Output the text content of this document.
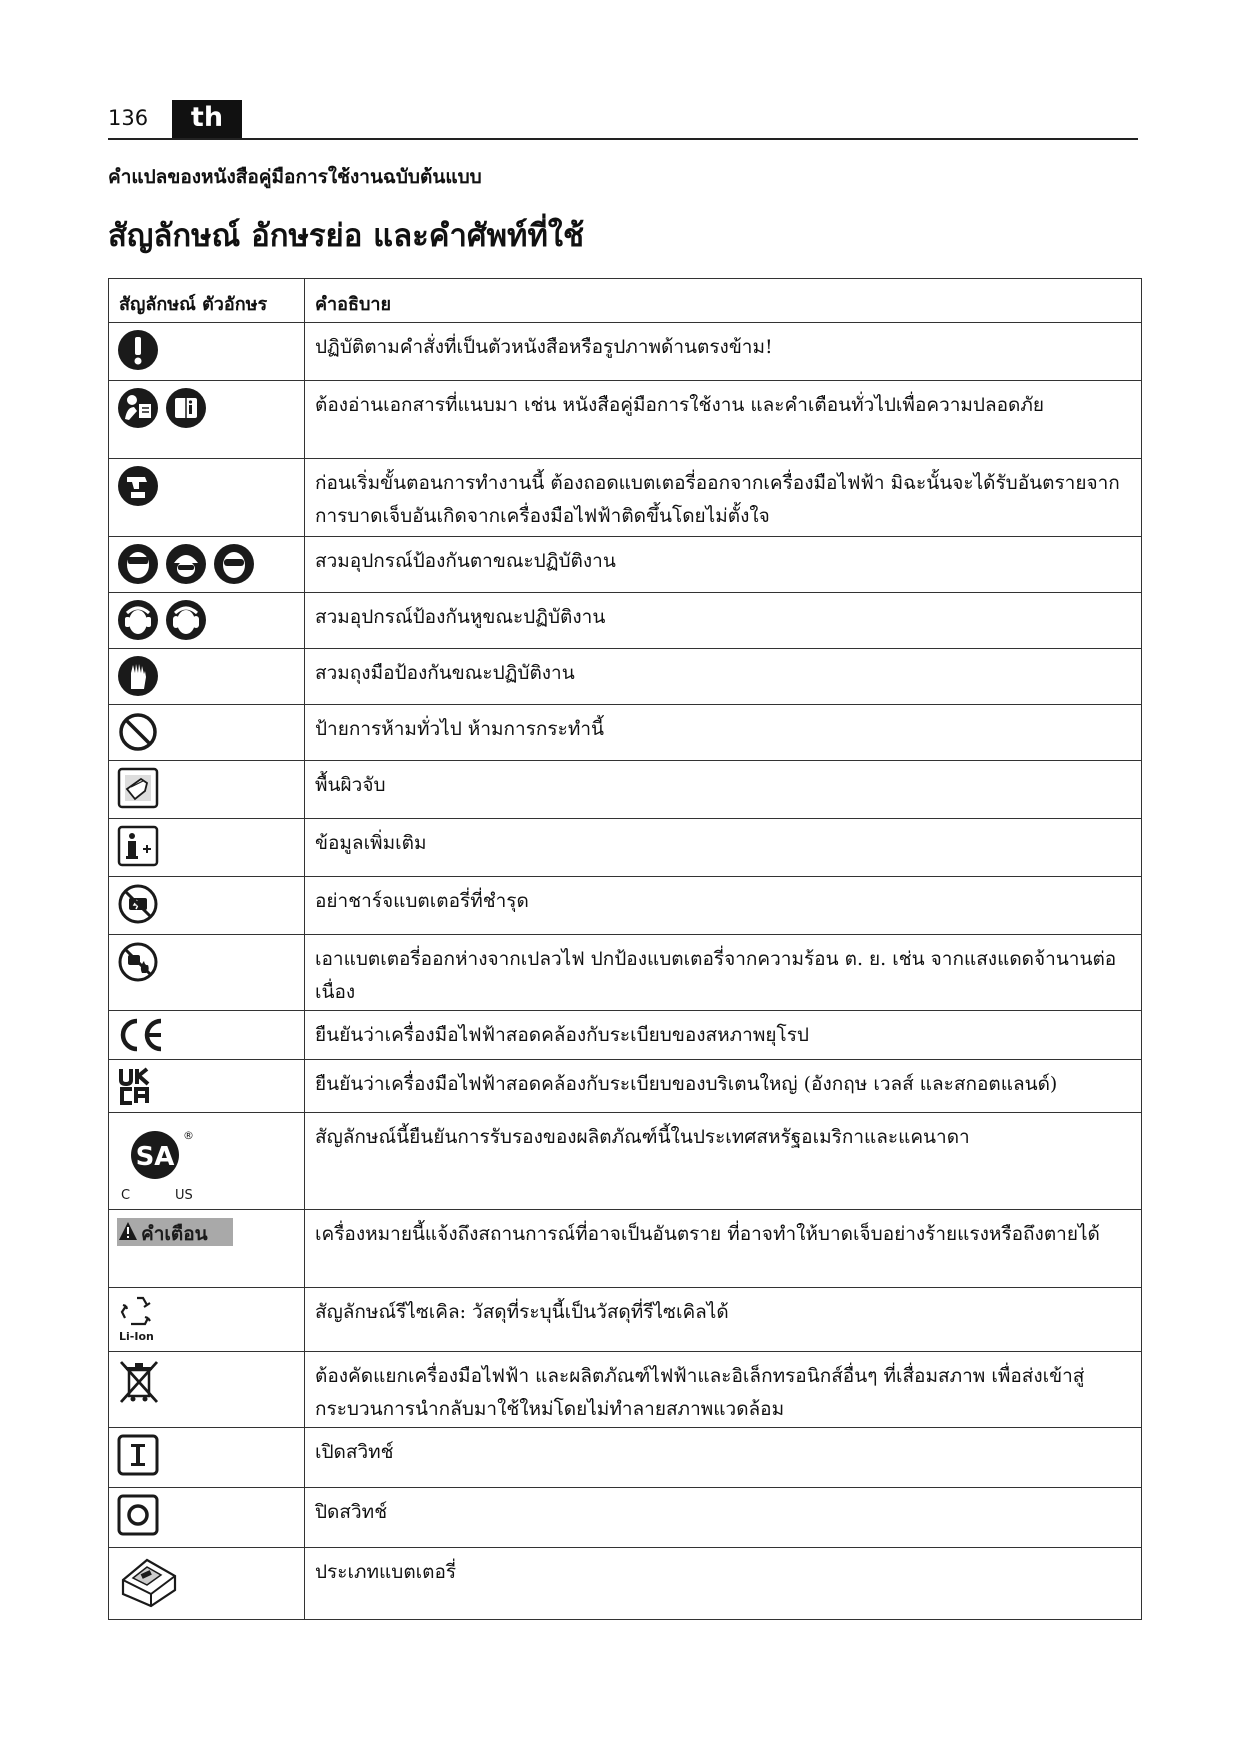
136	th
คำแปลของหนังสือคู่มือการใช้งานฉบับต้นแบบ
สัญลักษณ์ อักษรย่อ และคำศัพท์ที่ใช้
สัญลักษณ์ ตัวอักษร	คำอธิบาย

	ปฏิบัติตามคำสั่งที่เป็นตัวหนังสือหรือรูปภาพด้านตรงข้าม!

	ต้องอ่านเอกสารที่แนบมา เช่น หนังสือคู่มือการใช้งาน และคำเตือนทั่วไปเพื่อความปลอดภัย

	ก่อนเริ่มขั้นตอนการทำงานนี้ ต้องถอดแบตเตอรี่ออกจากเครื่องมือไฟฟ้า มิฉะนั้นจะได้รับอันตรายจากการบาดเจ็บอันเกิดจากเครื่องมือไฟฟ้าติดขึ้นโดยไม่ตั้งใจ

	สวมอุปกรณ์ป้องกันตาขณะปฏิบัติงาน

	สวมอุปกรณ์ป้องกันหูขณะปฏิบัติงาน

	สวมถุงมือป้องกันขณะปฏิบัติงาน

	ป้ายการห้ามทั่วไป ห้ามการกระทำนี้

	พื้นผิวจับ

	ข้อมูลเพิ่มเติม

	อย่าชาร์จแบตเตอรี่ที่ชำรุด

	เอาแบตเตอรี่ออกห่างจากเปลวไฟ ปกป้องแบตเตอรี่จากความร้อน ต. ย. เช่น จากแสงแดดจ้านานต่อเนื่อง

	ยืนยันว่าเครื่องมือไฟฟ้าสอดคล้องกับระเบียบของสหภาพยุโรป

	ยืนยันว่าเครื่องมือไฟฟ้าสอดคล้องกับระเบียบของบริเตนใหญ่ (อังกฤษ เวลส์ และสกอตแลนด์)

SA
®
C US	สัญลักษณ์นี้ยืนยันการรับรองของผลิตภัณฑ์นี้ในประเทศสหรัฐอเมริกาและแคนาดา

คำเตือน	เครื่องหมายนี้แจ้งถึงสถานการณ์ที่อาจเป็นอันตราย ที่อาจทำให้บาดเจ็บอย่างร้ายแรงหรือถึงตายได้

Li-Ion	สัญลักษณ์รีไซเคิล: วัสดุที่ระบุนี้เป็นวัสดุที่รีไซเคิลได้

	ต้องคัดแยกเครื่องมือไฟฟ้า และผลิตภัณฑ์ไฟฟ้าและอิเล็กทรอนิกส์อื่นๆ ที่เสื่อมสภาพ เพื่อส่งเข้าสู่กระบวนการนำกลับมาใช้ใหม่โดยไม่ทำลายสภาพแวดล้อม

	เปิดสวิทช์

	ปิดสวิทช์

	ประเภทแบตเตอรี่
